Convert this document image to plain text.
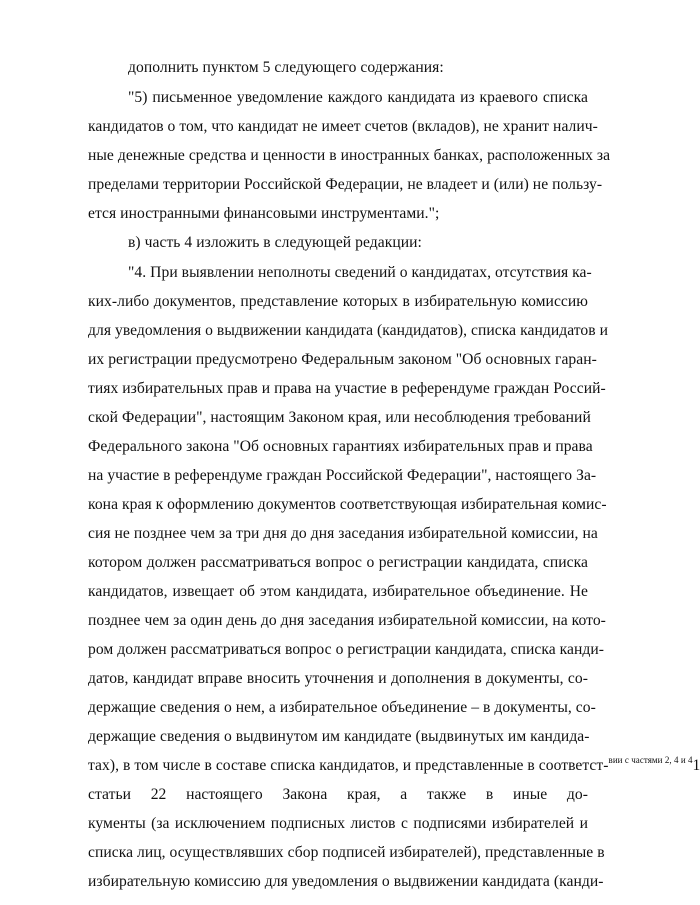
дополнить пунктом 5 следующего содержания:
"5) письменное уведомление каждого кандидата из краевого списка
кандидатов о том, что кандидат не имеет счетов (вкладов), не хранит налич-
ные денежные средства и ценности в иностранных банках, расположенных за
пределами территории Российской Федерации, не владеет и (или) не пользу-
ется иностранными финансовыми инструментами.";
в) часть 4 изложить в следующей редакции:
"4. При выявлении неполноты сведений о кандидатах, отсутствия ка-
ких-либо документов, представление которых в избирательную комиссию
для уведомления о выдвижении кандидата (кандидатов), списка кандидатов и
их регистрации предусмотрено Федеральным законом "Об основных гаран-
тиях избирательных прав и права на участие в референдуме граждан Россий-
ской Федерации", настоящим Законом края, или несоблюдения требований
Федерального закона "Об основных гарантиях избирательных прав и права
на участие в референдуме граждан Российской Федерации", настоящего За-
кона края к оформлению документов соответствующая избирательная комис-
сия не позднее чем за три дня до дня заседания избирательной комиссии, на
котором должен рассматриваться вопрос о регистрации кандидата, списка
кандидатов, извещает об этом кандидата, избирательное объединение. Не
позднее чем за один день до дня заседания избирательной комиссии, на кото-
ром должен рассматриваться вопрос о регистрации кандидата, списка канди-
датов, кандидат вправе вносить уточнения и дополнения в документы, со-
держащие сведения о нем, а избирательное объединение – в документы, со-
держащие сведения о выдвинутом им кандидате (выдвинутых им кандида-
тах), в том числе в составе списка кандидатов, и представленные в соответст-$^{вии с частями 2, 4 и 4}$1
статьи 22 настоящего Закона края, а также в иные до-
кументы (за исключением подписных листов с подписями избирателей и
списка лиц, осуществлявших сбор подписей избирателей), представленные в
избирательную комиссию для уведомления о выдвижении кандидата (канди-
